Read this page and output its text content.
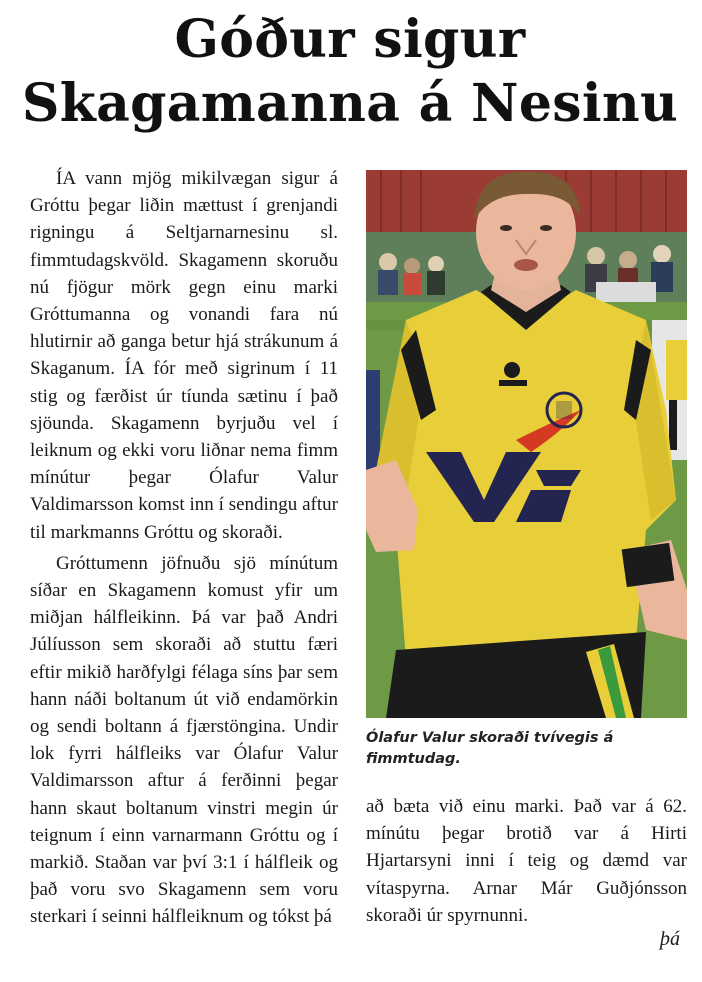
Góður sigur Skagamanna á Nesinu

ÍA vann mjög mikilvægan sigur á Gróttu þegar liðin mættust í grenjandi rigningu á Seltjarnarnesinu sl. fimmtudagskvöld. Skagamenn skoruðu nú fjögur mörk gegn einu marki Gróttumanna og vonandi fara nú hlutirnir að ganga betur hjá strákunum á Skaganum. ÍA fór með sigrinum í 11 stig og færðist úr tíunda sætinu í það sjöunda. Skagamenn byrjuðu vel í leiknum og ekki voru liðnar nema fimm mínútur þegar Ólafur Valur Valdimarsson komst inn í sendingu aftur til markmanns Gróttu og skoraði.

Gróttumenn jöfnuðu sjö mínútum síðar en Skagamenn komust yfir um miðjan hálfleikinn. Þá var það Andri Júlíusson sem skoraði að stuttu færi eftir mikið harðfylgi félaga síns þar sem hann náði boltanum út við endamörkin og sendi boltann á fjærstöngina. Undir lok fyrri hálfleiks var Ólafur Valur Valdimarsson aftur á ferðinni þegar hann skaut boltanum vinstri megin úr teignum í einn varnarmann Gróttu og í markið. Staðan var því 3:1 í hálfleik og það voru svo Skagamenn sem voru sterkari í seinni hálfleiknum og tókst þá

Ólafur Valur skoraði tvívegis á fimmtudag.

að bæta við einu marki. Það var á 62. mínútu þegar brotið var á Hirti Hjartarsyni inni í teig og dæmd var vítaspyrna. Arnar Már Guðjónsson skoraði úr spyrnunni.

þá
